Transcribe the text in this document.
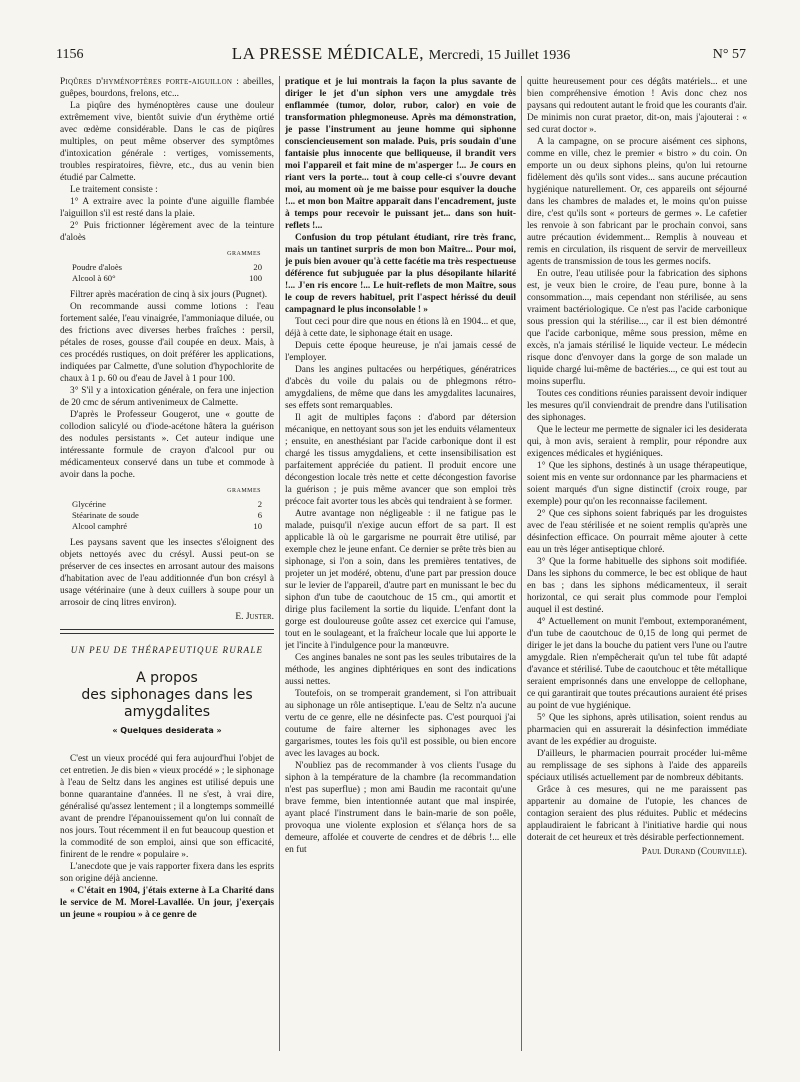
1156	LA PRESSE MÉDICALE, Mercredi, 15 Juillet 1936	N° 57

Piqûres d'hyménoptères porte-aiguillon : abeilles, guêpes, bourdons, frelons, etc...

La piqûre des hyménoptères cause une douleur extrêmement vive, bientôt suivie d'un érythème ortié avec œdème considérable. Dans le cas de piqûres multiples, on peut même observer des symptômes d'intoxication générale : vertiges, vomissements, troubles respiratoires, fièvre, etc., dus au venin bien étudié par Calmette.

Le traitement consiste :

1° A extraire avec la pointe d'une aiguille flambée l'aiguillon s'il est resté dans la plaie.

2° Puis frictionner légèrement avec de la teinture d'aloès

	GRAMMES
Poudre d'aloès	20
Alcool à 60°	100

Filtrer après macération de cinq à six jours (Pugnet).

On recommande aussi comme lotions : l'eau fortement salée, l'eau vinaigrée, l'ammoniaque diluée, ou des frictions avec diverses herbes fraîches : persil, pétales de roses, gousse d'ail coupée en deux. Mais, à ces procédés rustiques, on doit préférer les applications, indiquées par Calmette, d'une solution d'hypochlorite de chaux à 1 p. 60 ou d'eau de Javel à 1 pour 100.

3° S'il y a intoxication générale, on fera une injection de 20 cmc de sérum antivenimeux de Calmette.

D'après le Professeur Gougerot, une « goutte de collodion salicylé ou d'iode-acétone hâtera la guérison des nodules persistants ». Cet auteur indique une intéressante formule de crayon d'alcool pur ou médicamenteux conservé dans un tube et commode à avoir dans la poche.

	GRAMMES
Glycérine	2
Stéarinate de soude	6
Alcool camphré	10

Les paysans savent que les insectes s'éloignent des objets nettoyés avec du crésyl. Aussi peut-on se préserver de ces insectes en arrosant autour des maisons d'habitation avec de l'eau additionnée d'un bon crésyl à usage vétérinaire (une à deux cuillers à soupe pour un arrosoir de cinq litres environ).

E. Juster.
UN PEU DE THÉRAPEUTIQUE RURALE
A propos
des siphonages dans les amygdalites
« Quelques desiderata »

C'est un vieux procédé qui fera aujourd'hui l'objet de cet entretien. Je dis bien « vieux procédé » ; le siphonage à l'eau de Seltz dans les angines est utilisé depuis une bonne quarantaine d'années. Il ne s'est, à vrai dire, généralisé qu'assez lentement ; il a longtemps sommeillé avant de prendre l'épanouissement qu'on lui connaît de nos jours. Tout récemment il en fut beaucoup question et la commodité de son emploi, ainsi que son efficacité, finirent de le rendre « populaire ».

L'anecdote que je vais rapporter fixera dans les esprits son origine déjà ancienne.

« C'était en 1904, j'étais externe à La Charité dans le service de M. Morel-Lavallée. Un jour, j'exerçais un jeune « roupiou » à ce genre de

pratique et je lui montrais la façon la plus savante de diriger le jet d'un siphon vers une amygdale très enflammée (tumor, dolor, rubor, calor) en voie de transformation phlegmoneuse. Après ma démonstration, je passe l'instrument au jeune homme qui siphonne consciencieusement son malade. Puis, pris soudain d'une fantaisie plus innocente que belliqueuse, il brandit vers moi l'appareil et fait mine de m'asperger !... Je cours en riant vers la porte... tout à coup celle-ci s'ouvre devant moi, au moment où je me baisse pour esquiver la douche !... et mon bon Maître apparaît dans l'encadrement, juste à temps pour recevoir le puissant jet... dans son huit-reflets !...

Confusion du trop pétulant étudiant, rire très franc, mais un tantinet surpris de mon bon Maître... Pour moi, je puis bien avouer qu'à cette facétie ma très respectueuse déférence fut subjuguée par la plus désopilante hilarité !... J'en ris encore !... Le huit-reflets de mon Maître, sous le coup de revers habituel, prit l'aspect hérissé du deuil campagnard le plus inconsolable ! »

Tout ceci pour dire que nous en étions là en 1904... et que, déjà à cette date, le siphonage était en usage.

Depuis cette époque heureuse, je n'ai jamais cessé de l'employer.

Dans les angines pultacées ou herpétiques, génératrices d'abcès du voile du palais ou de phlegmons rétro-amygdaliens, de même que dans les amygdalites lacunaires, ses effets sont remarquables.

Il agit de multiples façons : d'abord par détersion mécanique, en nettoyant sous son jet les enduits vélamenteux ; ensuite, en anesthésiant par l'acide carbonique dont il est chargé les tissus amygdaliens, et cette insensibilisation est parfaitement appréciée du patient. Il produit encore une décongestion locale très nette et cette décongestion favorise la guérison ; je puis même avancer que son emploi très précoce fait avorter tous les abcès qui tendraient à se former.

Autre avantage non négligeable : il ne fatigue pas le malade, puisqu'il n'exige aucun effort de sa part. Il est applicable là où le gargarisme ne pourrait être utilisé, par exemple chez le jeune enfant. Ce dernier se prête très bien au siphonage, si l'on a soin, dans les premières tentatives, de projeter un jet modéré, obtenu, d'une part par pression douce sur le levier de l'appareil, d'autre part en munissant le bec du siphon d'un tube de caoutchouc de 15 cm., qui amortit et dirige plus facilement la sortie du liquide. L'enfant dont la gorge est douloureuse goûte assez cet exercice qui l'amuse, tout en le soulageant, et la fraîcheur locale que lui apporte le jet l'incite à l'indulgence pour la manœuvre.

Ces angines banales ne sont pas les seules tributaires de la méthode, les angines diphtériques en sont des indications aussi nettes.

Toutefois, on se tromperait grandement, si l'on attribuait au siphonage un rôle antiseptique. L'eau de Seltz n'a aucune vertu de ce genre, elle ne désinfecte pas. C'est pourquoi j'ai coutume de faire alterner les siphonages avec les gargarismes, toutes les fois qu'il est possible, ou bien encore avec les lavages au bock.

N'oubliez pas de recommander à vos clients l'usage du siphon à la température de la chambre (la recommandation n'est pas superflue) ; mon ami Baudin me racontait qu'une brave femme, bien intentionnée autant que mal inspirée, ayant placé l'instrument dans le bain-marie de son poêle, provoqua une violente explosion et s'élança hors de sa demeure, affolée et couverte de cendres et de débris !... elle en fut

quitte heureusement pour ces dégâts matériels... et une bien compréhensive émotion ! Avis donc chez nos paysans qui redoutent autant le froid que les courants d'air. De minimis non curat praetor, dit-on, mais j'ajouterai : « sed curat doctor ».

A la campagne, on se procure aisément ces siphons, comme en ville, chez le premier « bistro » du coin. On emporte un ou deux siphons pleins, qu'on lui retourne fidèlement dès qu'ils sont vides... sans aucune précaution hygiénique naturellement. Or, ces appareils ont séjourné dans les chambres de malades et, le moins qu'on puisse dire, c'est qu'ils sont « porteurs de germes ». Le cafetier les renvoie à son fabricant par le prochain convoi, sans autre précaution évidemment... Remplis à nouveau et remis en circulation, ils risquent de servir de merveilleux agents de transmission de tous les germes nocifs.

En outre, l'eau utilisée pour la fabrication des siphons est, je veux bien le croire, de l'eau pure, bonne à la consommation..., mais cependant non stérilisée, au sens vraiment bactériologique. Ce n'est pas l'acide carbonique sous pression qui la stérilise..., car il est bien démontré que l'acide carbonique, même sous pression, même en excès, n'a jamais stérilisé le liquide vecteur. Le médecin risque donc d'envoyer dans la gorge de son malade un liquide chargé lui-même de bactéries..., ce qui est tout au moins superflu.

Toutes ces conditions réunies paraissent devoir indiquer les mesures qu'il conviendrait de prendre dans l'utilisation des siphonages.

Que le lecteur me permette de signaler ici les desiderata qui, à mon avis, seraient à remplir, pour répondre aux exigences médicales et hygiéniques.

1° Que les siphons, destinés à un usage thérapeutique, soient mis en vente sur ordonnance par les pharmaciens et soient marqués d'un signe distinctif (croix rouge, par exemple) pour qu'on les reconnaisse facilement.

2° Que ces siphons soient fabriqués par les droguistes avec de l'eau stérilisée et ne soient remplis qu'après une désinfection efficace. On pourrait même ajouter à cette eau un très léger antiseptique chloré.

3° Que la forme habituelle des siphons soit modifiée. Dans les siphons du commerce, le bec est oblique de haut en bas ; dans les siphons médicamenteux, il serait horizontal, ce qui serait plus commode pour l'emploi auquel il est destiné.

4° Actuellement on munit l'embout, extemporanément, d'un tube de caoutchouc de 0,15 de long qui permet de diriger le jet dans la bouche du patient vers l'une ou l'autre amygdale. Rien n'empêcherait qu'un tel tube fût adapté d'avance et stérilisé. Tube de caoutchouc et tête métallique seraient emprisonnés dans une enveloppe de cellophane, ce qui garantirait que toutes précautions auraient été prises au point de vue hygiénique.

5° Que les siphons, après utilisation, soient rendus au pharmacien qui en assurerait la désinfection immédiate avant de les expédier au droguiste.

D'ailleurs, le pharmacien pourrait procéder lui-même au remplissage de ses siphons à l'aide des appareils spéciaux utilisés actuellement par de nombreux débitants.

Grâce à ces mesures, qui ne me paraissent pas appartenir au domaine de l'utopie, les chances de contagion seraient des plus réduites. Public et médecins applaudiraient le fabricant à l'initiative hardie qui nous doterait de cet heureux et très désirable perfectionnement.

Paul Durand (Courville).
